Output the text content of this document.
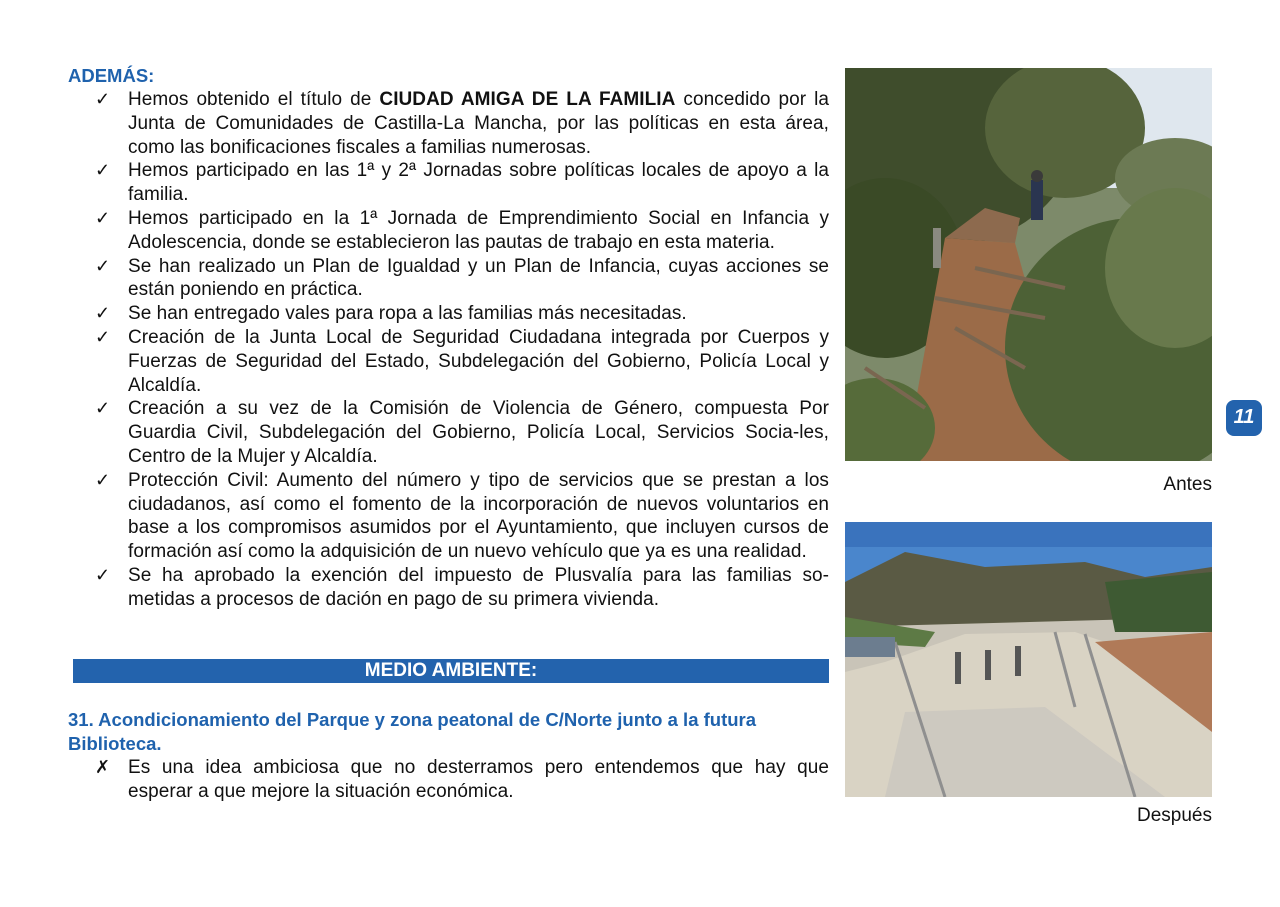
ADEMÁS:

✓ Hemos obtenido el título de CIUDAD AMIGA DE LA FAMILIA concedido por la Junta de Comunidades de Castilla-La Mancha, por las políticas en esta área, como las bonificaciones fiscales a familias numerosas.
✓ Hemos participado en las 1ª y 2ª Jornadas sobre políticas locales de apoyo a la familia.
✓ Hemos participado en la 1ª Jornada de Emprendimiento Social en Infancia y Adolescencia, donde se establecieron las pautas de trabajo en esta materia.
✓ Se han realizado un Plan de Igualdad y un Plan de Infancia, cuyas acciones se están poniendo en práctica.
✓ Se han entregado vales para ropa a las familias más necesitadas.
✓ Creación de la Junta Local de Seguridad Ciudadana integrada por Cuerpos y Fuerzas de Seguridad del Estado, Subdelegación del Gobierno, Policía Local y Alcaldía.
✓ Creación a su vez de la Comisión de Violencia de Género, compuesta Por Guardia Civil, Subdelegación del Gobierno, Policía Local, Servicios Socia-les, Centro de la Mujer y Alcaldía.
✓ Protección Civil: Aumento del número y tipo de servicios que se prestan a los ciudadanos, así como el fomento de la incorporación de nuevos voluntarios en base a los compromisos asumidos por el Ayuntamiento, que incluyen cursos de formación así como la adquisición de un nuevo vehículo que ya es una realidad.
✓ Se ha aprobado la exención del impuesto de Plusvalía para las familias so-metidas a procesos de dación en pago de su primera vivienda.
MEDIO AMBIENTE:

31. Acondicionamiento del Parque y zona peatonal de C/Norte junto a la futura Biblioteca.

✗ Es una idea ambiciosa que no desterramos pero entendemos que hay que esperar a que mejore la situación económica.
Antes
Después
11
